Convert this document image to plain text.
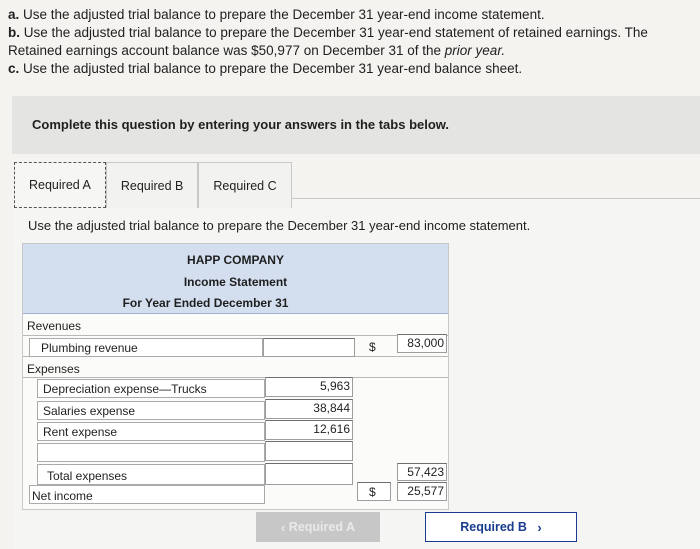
a. Use the adjusted trial balance to prepare the December 31 year-end income statement.

b. Use the adjusted trial balance to prepare the December 31 year-end statement of retained earnings. The Retained earnings account balance was $50,977 on December 31 of the prior year.

c. Use the adjusted trial balance to prepare the December 31 year-end balance sheet.

Complete this question by entering your answers in the tabs below.
Required A	Required B	Required C
Use the adjusted trial balance to prepare the December 31 year-end income statement.
HAPP COMPANY
Income Statement
For Year Ended December 31
Revenues
Plumbing revenue	$	83,000
Expenses
Depreciation expense—Trucks	5,963
Salaries expense	38,844
Rent expense	12,616
Total expenses	57,423
Net income	$	25,577
‹
Required A	Required B
›
